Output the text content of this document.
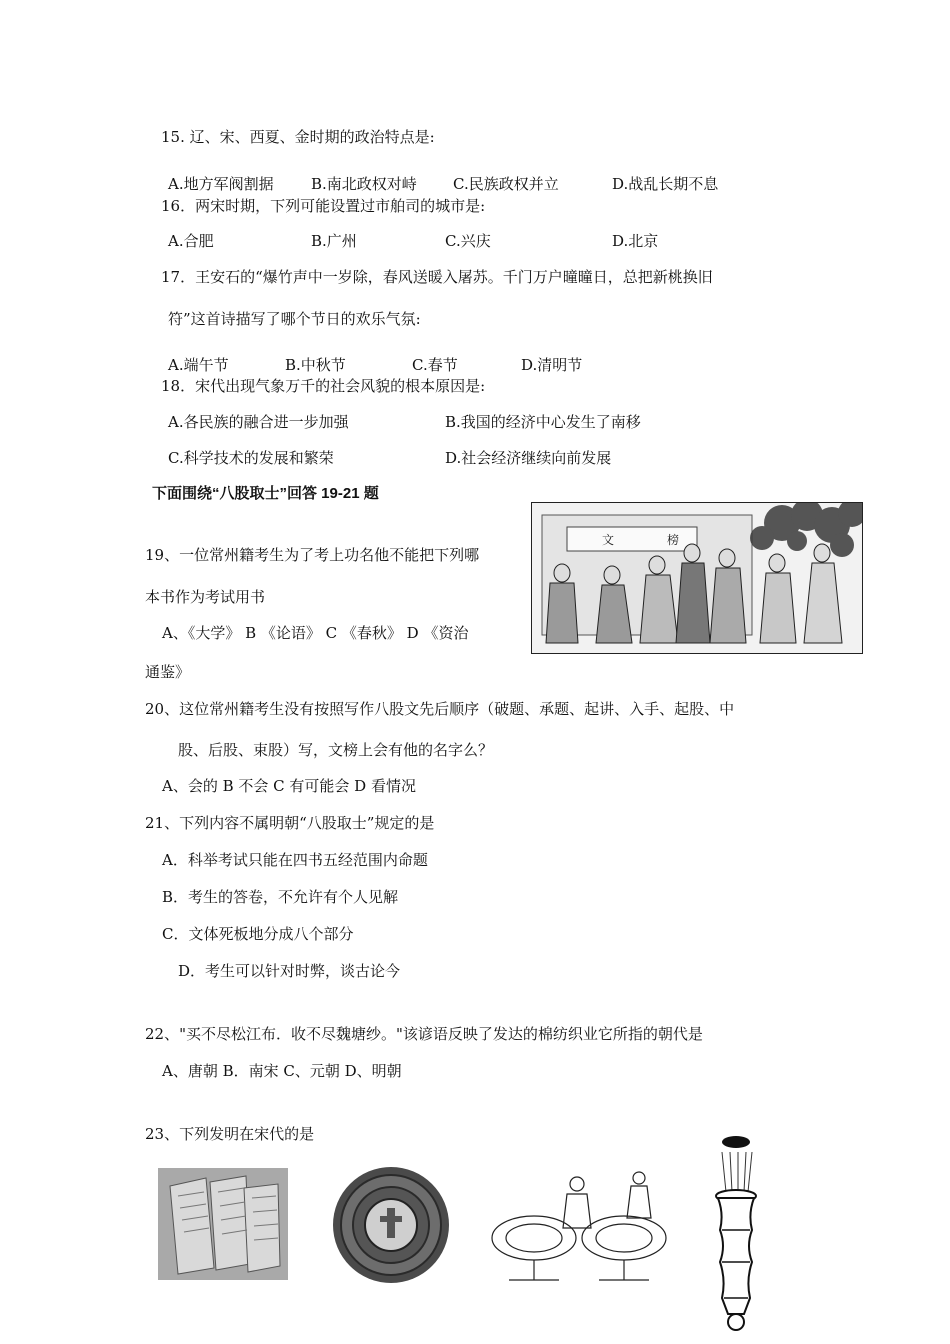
15. 辽、宋、西夏、金时期的政治特点是:
A.地方军阀割据 B.南北政权对峙 C.民族政权并立	D.战乱长期不息
16．两宋时期，下列可能设置过市舶司的城市是:
A.合肥	B.广州	C.兴庆	D.北京
17．王安石的“爆竹声中一岁除，春风送暖入屠苏。千门万户曈曈日，总把新桃换旧
符”这首诗描写了哪个节日的欢乐气氛:
A.端午节	B.中秋节	C.春节	D.清明节
18．宋代出现气象万千的社会风貌的根本原因是:
A.各民族的融合进一步加强	B.我国的经济中心发生了南移
C.科学技术的发展和繁荣	D.社会经济继续向前发展
下面围绕“八股取士”回答 19-21 题
文	榜
19、一位常州籍考生为了考上功名他不能把下列哪
本书作为考试用书
A、《大学》 B 《论语》 C 《春秋》 D 《资治
通鉴》
20、这位常州籍考生没有按照写作八股文先后顺序（破题、承题、起讲、入手、起股、中
股、后股、束股）写，文榜上会有他的名字么？
A、会的 B 不会 C 有可能会 D 看情况
21、下列内容不属明朝“八股取士”规定的是
A．科举考试只能在四书五经范围内命题
B．考生的答卷，不允许有个人见解
C．文体死板地分成八个部分
D．考生可以针对时弊，谈古论今
22、"买不尽松江布．收不尽魏塘纱。"该谚语反映了发达的棉纺织业它所指的朝代是
A、唐朝 B．南宋 C、元朝 D、明朝
23、下列发明在宋代的是
